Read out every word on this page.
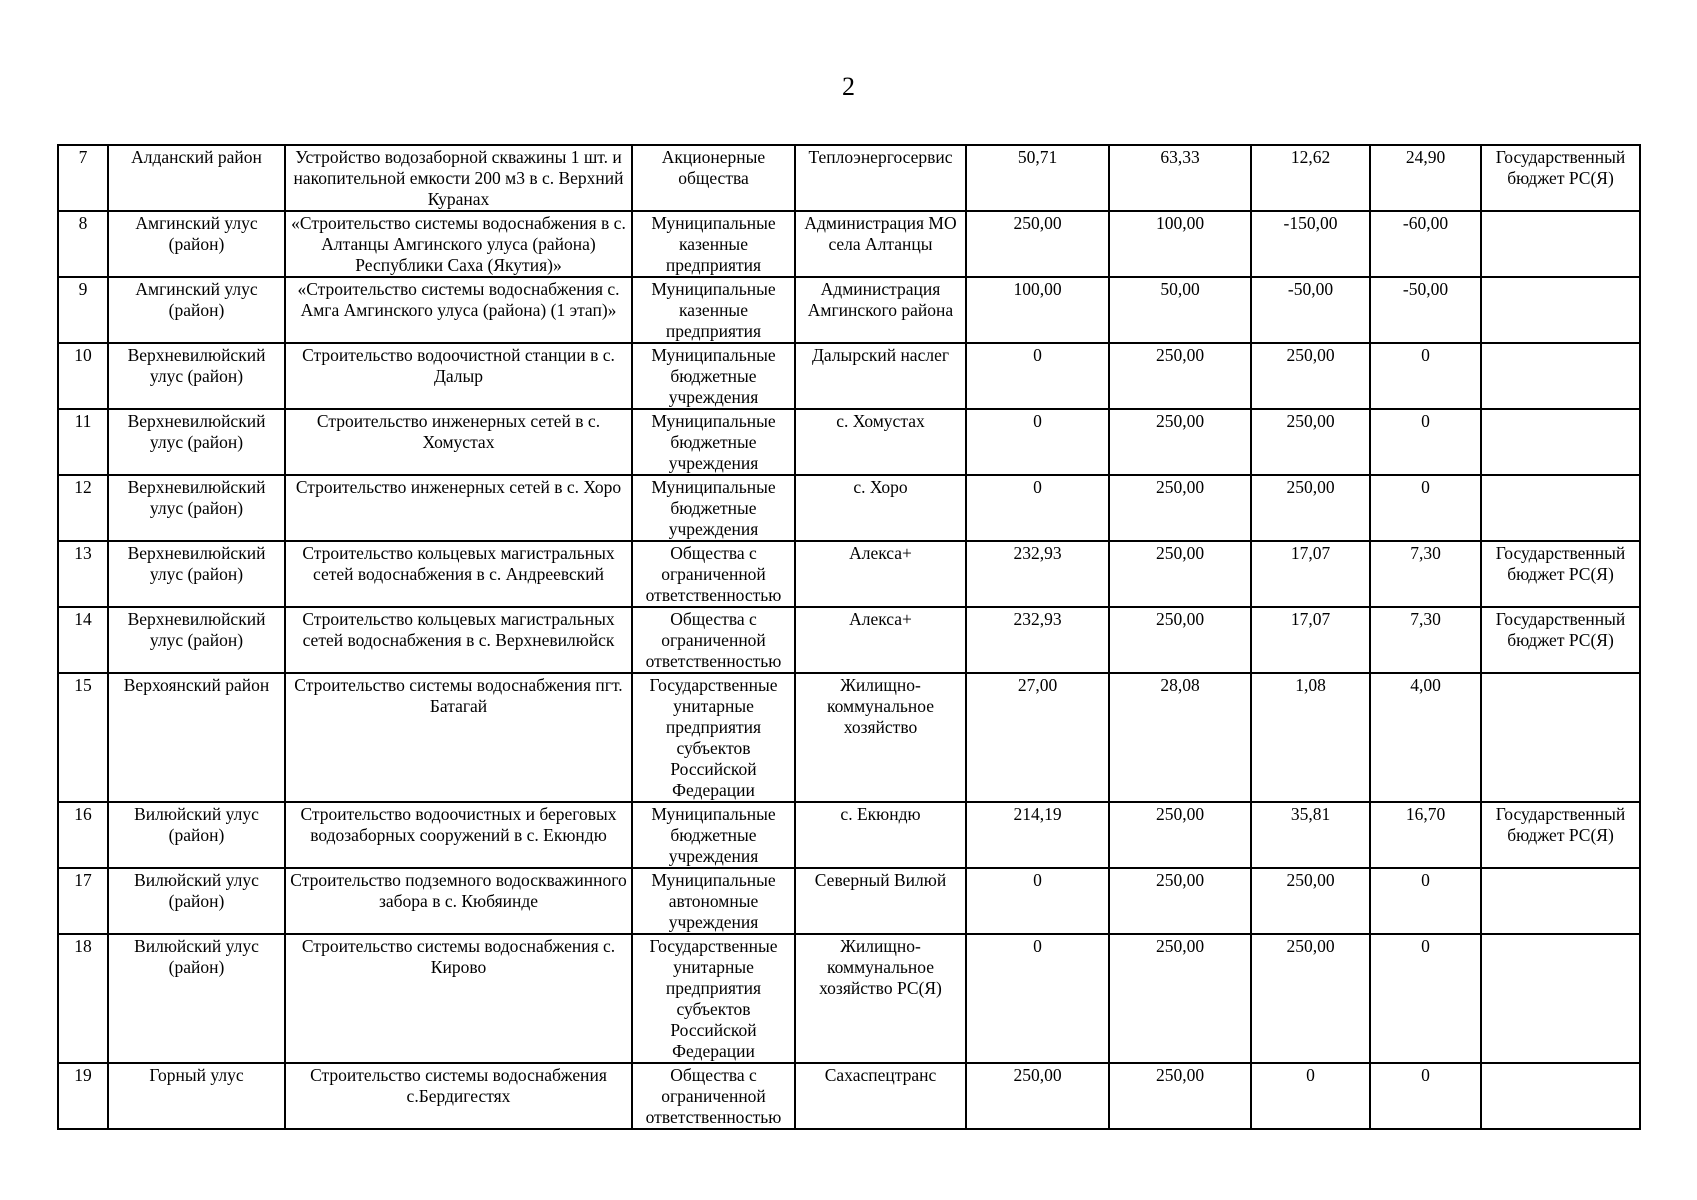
2
7	Алданский район	Устройство водозаборной скважины 1 шт. и накопительной емкости 200 м3 в с. Верхний Куранах	Акционерные общества	Теплоэнергосервис	50,71	63,33	12,62	24,90	Государственный бюджет РС(Я)
8	Амгинский улус (район)	«Строительство системы водоснабжения в с. Алтанцы Амгинского улуса (района) Республики Саха (Якутия)»	Муниципальные казенные предприятия	Администрация МО села Алтанцы	250,00	100,00	-150,00	-60,00	
9	Амгинский улус (район)	«Строительство системы водоснабжения с. Амга Амгинского улуса (района) (1 этап)»	Муниципальные казенные предприятия	Администрация Амгинского района	100,00	50,00	-50,00	-50,00	
10	Верхневилюйский улус (район)	Строительство водоочистной станции в с. Далыр	Муниципальные бюджетные учреждения	Далырский наслег	0	250,00	250,00	0	
11	Верхневилюйский улус (район)	Строительство инженерных сетей в с. Хомустах	Муниципальные бюджетные учреждения	с. Хомустах	0	250,00	250,00	0	
12	Верхневилюйский улус (район)	Строительство инженерных сетей в с. Хоро	Муниципальные бюджетные учреждения	с. Хоро	0	250,00	250,00	0	
13	Верхневилюйский улус (район)	Строительство кольцевых магистральных сетей водоснабжения в с. Андреевский	Общества с ограниченной ответственностью	Алекса+	232,93	250,00	17,07	7,30	Государственный бюджет РС(Я)
14	Верхневилюйский улус (район)	Строительство кольцевых магистральных сетей водоснабжения в с. Верхневилюйск	Общества с ограниченной ответственностью	Алекса+	232,93	250,00	17,07	7,30	Государственный бюджет РС(Я)
15	Верхоянский район	Строительство системы водоснабжения пгт. Батагай	Государственные унитарные предприятия субъектов Российской Федерации	Жилищно-коммунальное хозяйство	27,00	28,08	1,08	4,00	
16	Вилюйский улус (район)	Строительство водоочистных и береговых водозаборных сооружений в с. Екюндю	Муниципальные бюджетные учреждения	с. Екюндю	214,19	250,00	35,81	16,70	Государственный бюджет РС(Я)
17	Вилюйский улус (район)	Строительство подземного водоскважинного забора в с. Кюбяинде	Муниципальные автономные учреждения	Северный Вилюй	0	250,00	250,00	0	
18	Вилюйский улус (район)	Строительство системы водоснабжения с. Кирово	Государственные унитарные предприятия субъектов Российской Федерации	Жилищно-коммунальное хозяйство РС(Я)	0	250,00	250,00	0	
19	Горный улус	Строительство системы водоснабжения с.Бердигестях	Общества с ограниченной ответственностью	Сахаспецтранс	250,00	250,00	0	0	
